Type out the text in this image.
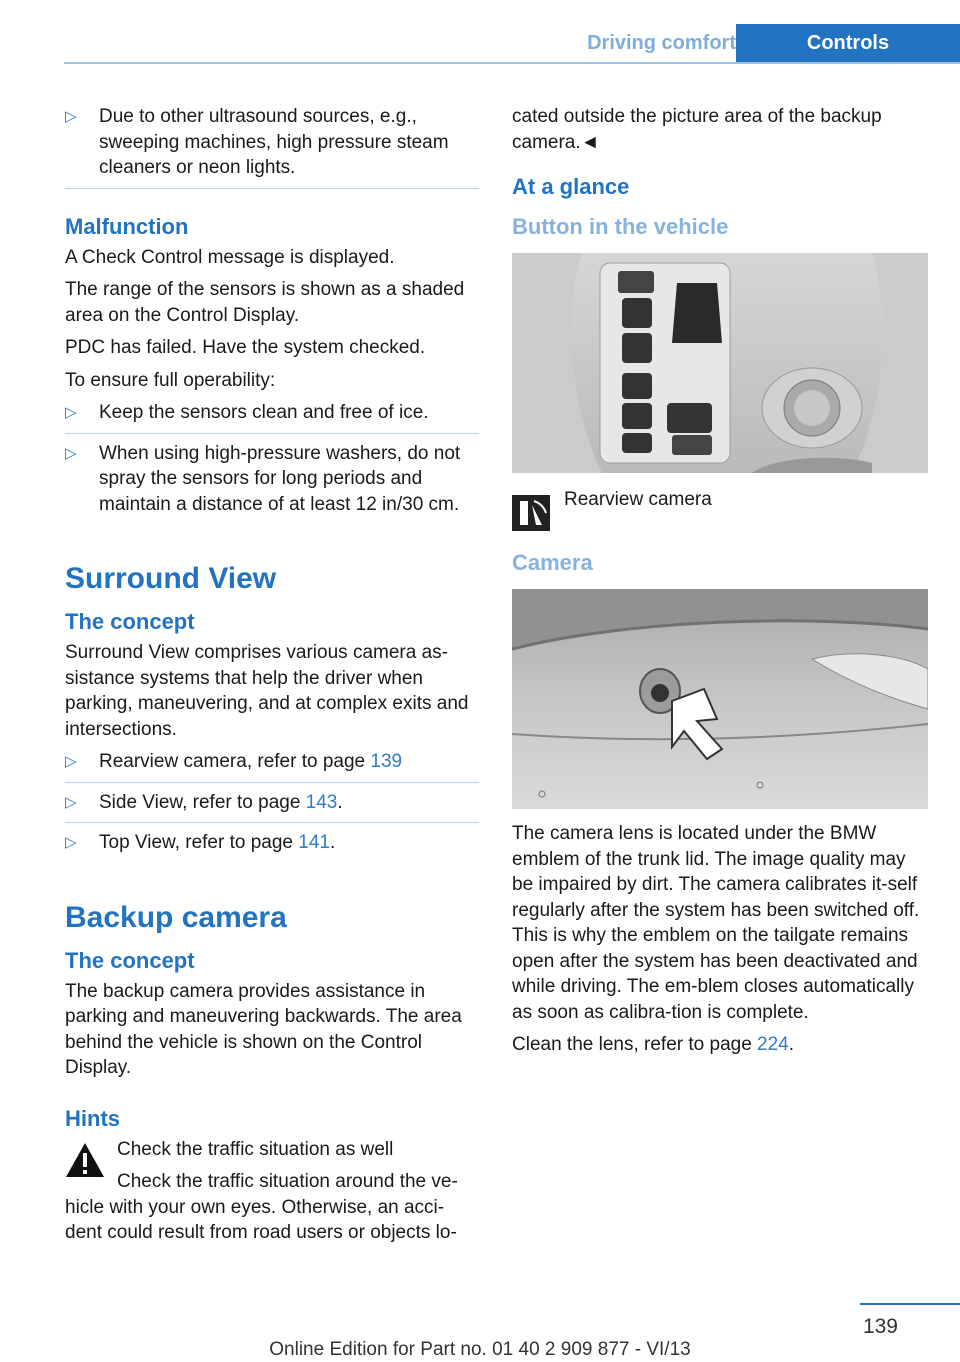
Driving comfort	Controls
▷ Due to other ultrasound sources, e.g., sweeping machines, high pressure steam cleaners or neon lights.
Malfunction

A Check Control message is displayed.

The range of the sensors is shown as a shaded area on the Control Display.

PDC has failed. Have the system checked.

To ensure full operability:

▷ Keep the sensors clean and free of ice.
▷ When using high-pressure washers, do not spray the sensors for long periods and maintain a distance of at least 12 in/30 cm.
Surround View
The concept

Surround View comprises various camera as-sistance systems that help the driver when parking, maneuvering, and at complex exits and intersections.

▷ Rearview camera, refer to page 139
▷ Side View, refer to page 143.
▷ Top View, refer to page 141.
Backup camera
The concept

The backup camera provides assistance in parking and maneuvering backwards. The area behind the vehicle is shown on the Control Display.

Hints

Check the traffic situation as well

Check the traffic situation around the ve-hicle with your own eyes. Otherwise, an acci-dent could result from road users or objects lo-

cated outside the picture area of the backup camera.◄

At a glance
Button in the vehicle
Rearview camera
Camera

The camera lens is located under the BMW emblem of the trunk lid. The image quality may be impaired by dirt. The camera calibrates it-self regularly after the system has been switched off. This is why the emblem on the tailgate remains open after the system has been deactivated and while driving. The em-blem closes automatically as soon as calibra-tion is complete.

Clean the lens, refer to page 224.

139
Online Edition for Part no. 01 40 2 909 877 - VI/13
